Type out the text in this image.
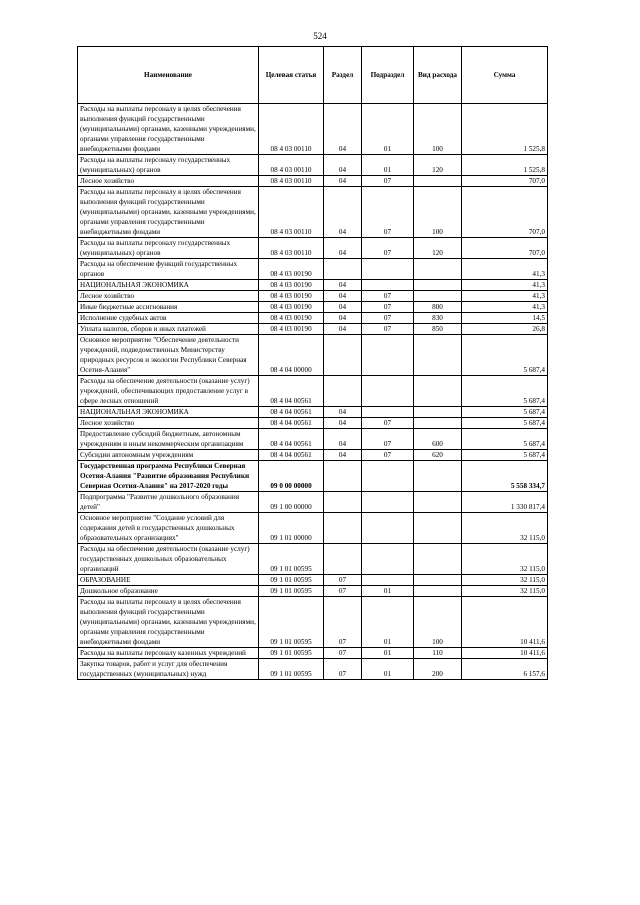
524
Наименование	Целевая статья	Раздел	Подраздел	Вид расхода	Сумма
Расходы на выплаты персоналу в целях обеспечения выполнения функций государственными (муниципальными) органами, казенными учреждениями, органами управления государственными внебюджетными фондами	08 4 03 00110	04	01	100	1 525,8
Расходы на выплаты персоналу государственных (муниципальных) органов	08 4 03 00110	04	01	120	1 525,8
Лесное хозяйство	08 4 03 00110	04	07		707,0
Расходы на выплаты персоналу в целях обеспечения выполнения функций государственными (муниципальными) органами, казенными учреждениями, органами управления государственными внебюджетными фондами	08 4 03 00110	04	07	100	707,0
Расходы на выплаты персоналу государственных (муниципальных) органов	08 4 03 00110	04	07	120	707,0
Расходы на обеспечение функций государственных органов	08 4 03 00190				41,3
НАЦИОНАЛЬНАЯ ЭКОНОМИКА	08 4 03 00190	04			41,3
Лесное хозяйство	08 4 03 00190	04	07		41,3
Иные бюджетные ассигнования	08 4 03 00190	04	07	800	41,3
Исполнение судебных актов	08 4 03 00190	04	07	830	14,5
Уплата налогов, сборов и иных платежей	08 4 03 00190	04	07	850	26,8
Основное мероприятие "Обеспечение деятельности учреждений, подведомственных Министерству природных ресурсов и экологии Республики Северная Осетия-Алания"	08 4 04 00000				5 687,4
Расходы на обеспечение деятельности (оказание услуг) учреждений, обеспечивающих предоставление услуг в сфере лесных отношений	08 4 04 00561				5 687,4
НАЦИОНАЛЬНАЯ ЭКОНОМИКА	08 4 04 00561	04			5 687,4
Лесное хозяйство	08 4 04 00561	04	07		5 687,4
Предоставление субсидий бюджетным, автономным учреждениям и иным некоммерческим организациям	08 4 04 00561	04	07	600	5 687,4
Субсидии автономным учреждениям	08 4 04 00561	04	07	620	5 687,4
Государственная программа Республики Северная Осетия-Алания "Развитие образования Республики Северная Осетия-Алания" на 2017-2020 годы	09 0 00 00000				5 558 334,7
Подпрограмма "Развитие дошкольного образования детей"	09 1 00 00000				1 330 817,4
Основное мероприятие "Создание условий для содержания детей в государственных дошкольных образовательных организациях"	09 1 01 00000				32 115,0
Расходы на обеспечение деятельности (оказание услуг) государственных дошкольных образовательных организаций	09 1 01 00595				32 115,0
ОБРАЗОВАНИЕ	09 1 01 00595	07			32 115,0
Дошкольное образование	09 1 01 00595	07	01		32 115,0
Расходы на выплаты персоналу в целях обеспечения выполнения функций государственными (муниципальными) органами, казенными учреждениями, органами управления государственными внебюджетными фондами	09 1 01 00595	07	01	100	10 411,6
Расходы на выплаты персоналу казенных учреждений	09 1 01 00595	07	01	110	10 411,6
Закупка товаров, работ и услуг для обеспечения государственных (муниципальных) нужд	09 1 01 00595	07	01	200	6 157,6
